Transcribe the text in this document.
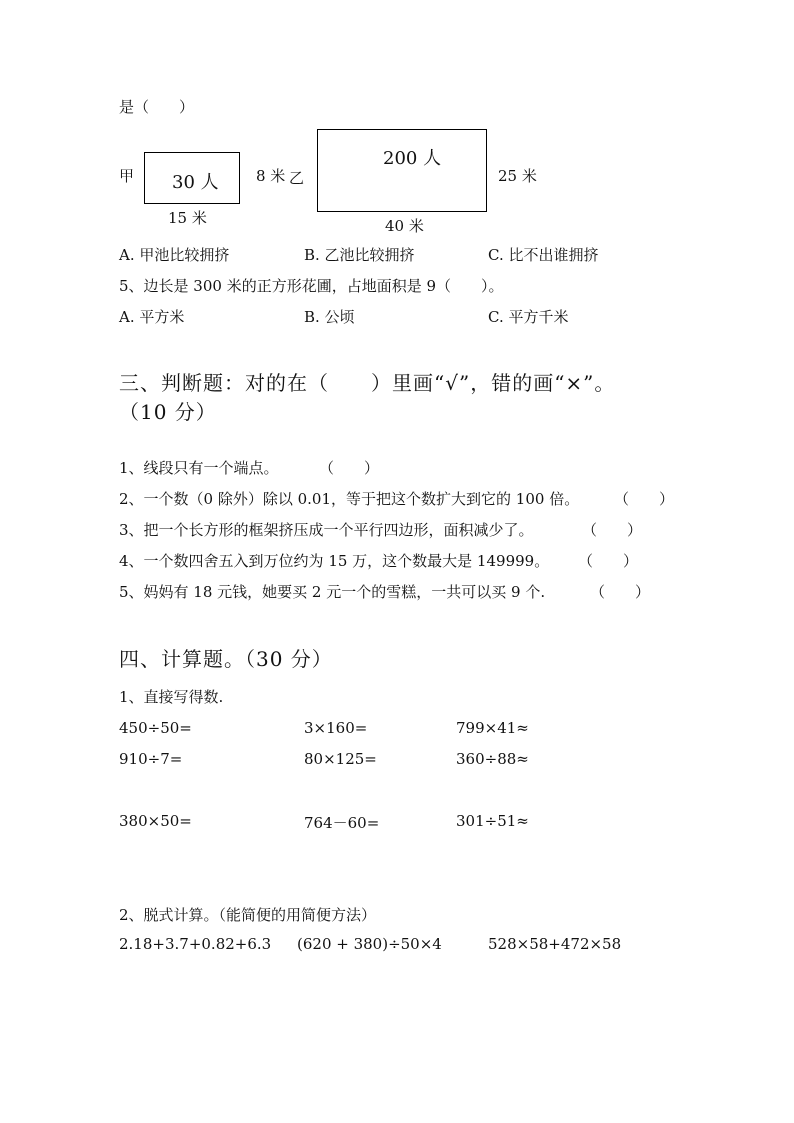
是（　　）
甲 30 人
15 米
8 米 乙
200 人
40 米
25 米
A. 甲池比较拥挤	B. 乙池比较拥挤	C. 比不出谁拥挤
5、边长是 300 米的正方形花圃，占地面积是 9（　　）。
A. 平方米	B. 公顷	C. 平方千米
三、判断题：对的在（　　）里画“√”，错的画“×”。
（10 分）
1、线段只有一个端点。	（　　）
2、一个数（0 除外）除以 0.01，等于把这个数扩大到它的 100 倍。 （　　）
3、把一个长方形的框架挤压成一个平行四边形，面积减少了。	（　　）
4、一个数四舍五入到万位约为 15 万，这个数最大是 149999。 （　　）
5、妈妈有 18 元钱，她要买 2 元一个的雪糕，一共可以买 9 个.	（　　）
四、计算题。（30 分）
1、直接写得数.
450÷50=	3×160=	799×41≈
910÷7=	80×125=	360÷88≈
380×50=	764－60=	301÷51≈
2、脱式计算。（能简便的用简便方法）
2.18+3.7+0.82+6.3 (620 + 380)÷50×4	528×58+472×58
